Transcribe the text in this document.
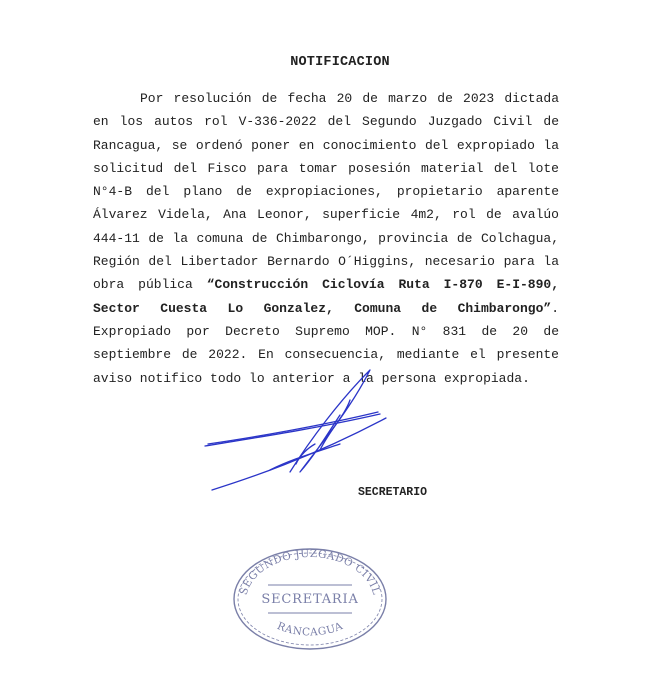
NOTIFICACION
Por resolución de fecha 20 de marzo de 2023 dictada en los autos rol V-336-2022 del Segundo Juzgado Civil de Rancagua, se ordenó poner en conocimiento del expropiado la solicitud del Fisco para tomar posesión material del lote N°4-B del plano de expropiaciones, propietario aparente Álvarez Videla, Ana Leonor, superficie 4m2, rol de avalúo 444-11 de la comuna de Chimbarongo, provincia de Colchagua, Región del Libertador Bernardo O´Higgins, necesario para la obra pública “Construcción Ciclovía Ruta I-870 E-I-890, Sector Cuesta Lo Gonzalez, Comuna de Chimbarongo”. Expropiado por Decreto Supremo MOP. N° 831 de 20 de septiembre de 2022. En consecuencia, mediante el presente aviso notifico todo lo anterior a la persona expropiada.
SECRETARIO
SEGUNDO JUZGADO CIVIL
SECRETARIA
RANCAGUA
